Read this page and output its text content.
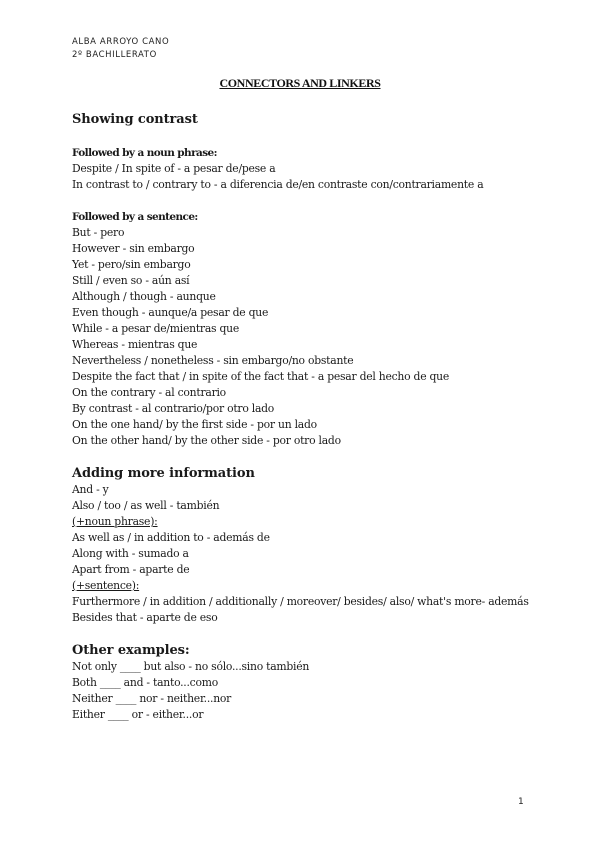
ALBA ARROYO CANO
2º BACHILLERATO
CONNECTORS AND LINKERS
Showing contrast
Followed by a noun phrase:
Despite / In spite of - a pesar de/pese a
In contrast to / contrary to - a diferencia de/en contraste con/contrariamente a
Followed by a sentence:
But - pero
However - sin embargo
Yet - pero/sin embargo
Still / even so - aún así
Although / though - aunque
Even though - aunque/a pesar de que
While - a pesar de/mientras que
Whereas - mientras que
Nevertheless / nonetheless - sin embargo/no obstante
Despite the fact that / in spite of the fact that - a pesar del hecho de que
On the contrary - al contrario
By contrast - al contrario/por otro lado
On the one hand/ by the first side - por un lado
On the other hand/ by the other side - por otro lado
Adding more information
And - y
Also / too / as well - también
(+noun phrase):
As well as / in addition to - además de
Along with - sumado a
Apart from - aparte de
(+sentence):
Furthermore / in addition / additionally / moreover/ besides/ also/ what's more- además
Besides that - aparte de eso
Other examples:
Not only ____ but also - no sólo...sino también
Both ____ and - tanto...como
Neither ____ nor - neither...nor
Either ____ or - either...or
1
